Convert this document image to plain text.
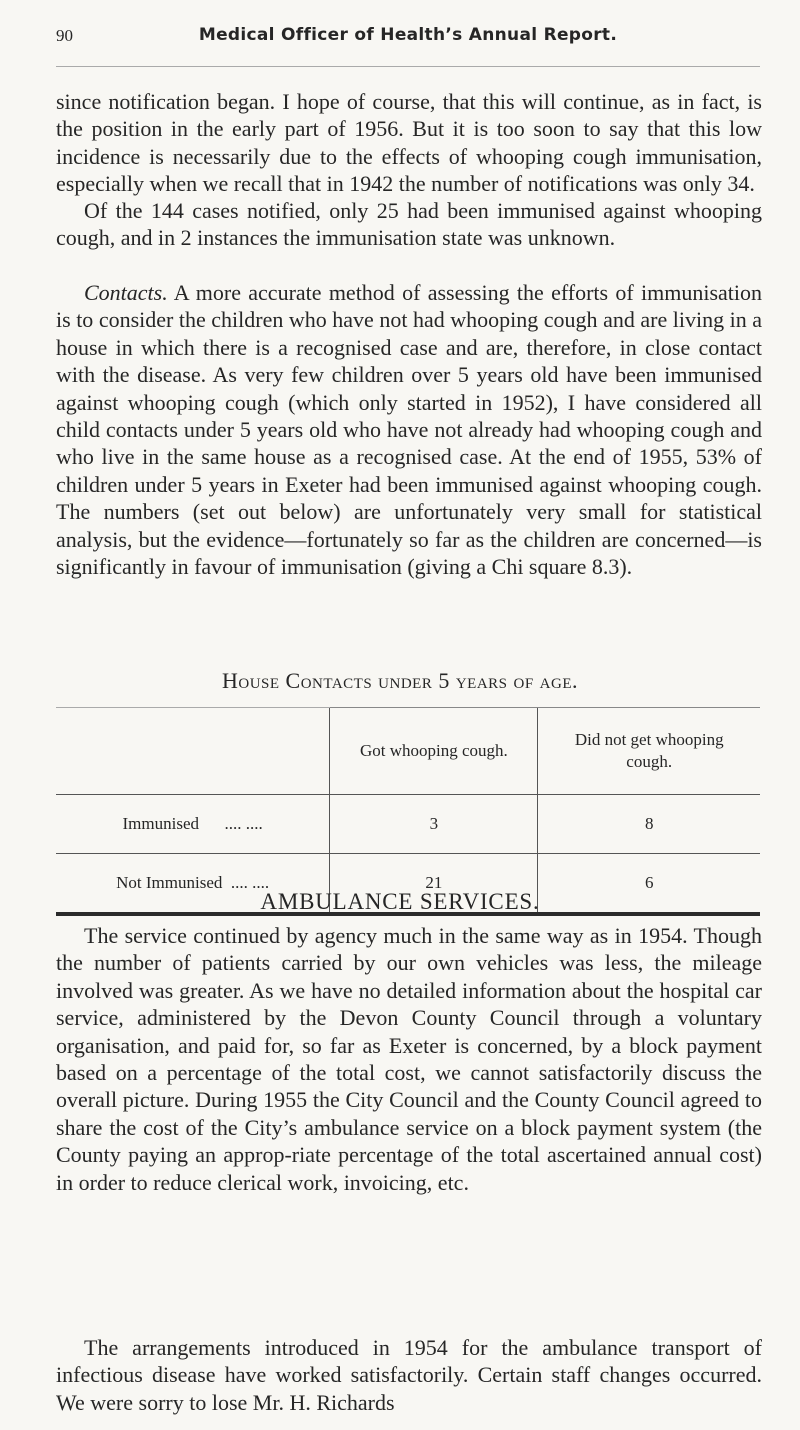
90	Medical Officer of Health’s Annual Report.

since notification began. I hope of course, that this will continue, as in fact, is the position in the early part of 1956. But it is too soon to say that this low incidence is necessarily due to the effects of whooping cough immunisation, especially when we recall that in 1942 the number of notifications was only 34.

Of the 144 cases notified, only 25 had been immunised against whooping cough, and in 2 instances the immunisation state was unknown.

Contacts. A more accurate method of assessing the efforts of immunisation is to consider the children who have not had whooping cough and are living in a house in which there is a recognised case and are, therefore, in close contact with the disease. As very few children over 5 years old have been immunised against whooping cough (which only started in 1952), I have considered all child contacts under 5 years old who have not already had whooping cough and who live in the same house as a recognised case. At the end of 1955, 53% of children under 5 years in Exeter had been immunised against whooping cough. The numbers (set out below) are unfortunately very small for statistical analysis, but the evidence—fortunately so far as the children are concerned—is significantly in favour of immunisation (giving a Chi square 8.3).

House Contacts under 5 years of age.
	Got whooping cough.	Did not get whooping cough.
Immunised .... ....	3	8
Not Immunised .... ....	21	6
AMBULANCE SERVICES.

The service continued by agency much in the same way as in 1954. Though the number of patients carried by our own vehicles was less, the mileage involved was greater. As we have no detailed information about the hospital car service, administered by the Devon County Council through a voluntary organisation, and paid for, so far as Exeter is concerned, by a block payment based on a percentage of the total cost, we cannot satisfactorily discuss the overall picture. During 1955 the City Council and the County Council agreed to share the cost of the City’s ambulance service on a block payment system (the County paying an approp-riate percentage of the total ascertained annual cost) in order to reduce clerical work, invoicing, etc.

The arrangements introduced in 1954 for the ambulance transport of infectious disease have worked satisfactorily. Certain staff changes occurred. We were sorry to lose Mr. H. Richards
